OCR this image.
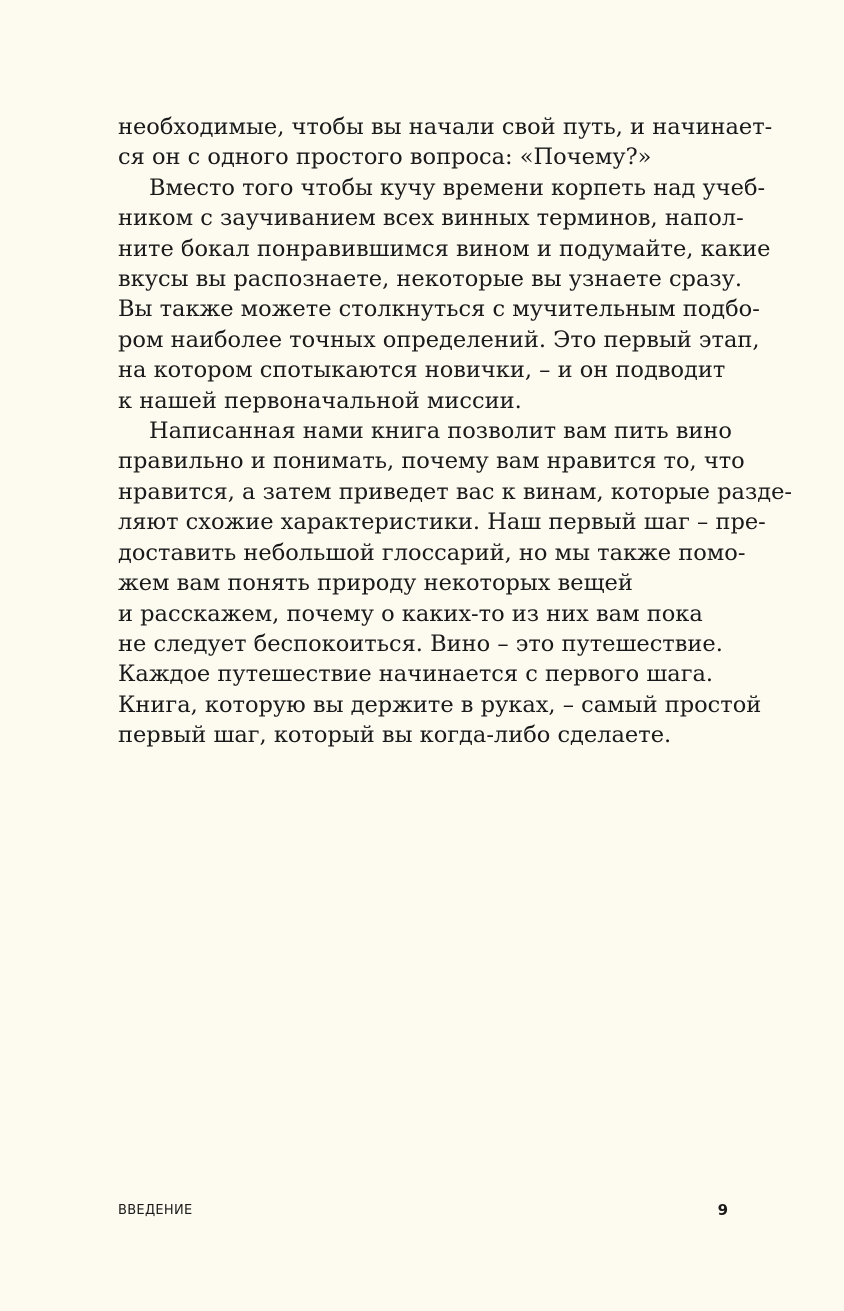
необходимые, чтобы вы начали свой путь, и начинает-
ся он с одного простого вопроса: «Почему?»
Вместо того чтобы кучу времени корпеть над учеб-
ником с заучиванием всех винных терминов, напол-
ните бокал понравившимся вином и подумайте, какие
вкусы вы распознаете, некоторые вы узнаете сразу.
Вы также можете столкнуться с мучительным подбо-
ром наиболее точных определений. Это первый этап,
на котором спотыкаются новички, – и он подводит
к нашей первоначальной миссии.
Написанная нами книга позволит вам пить вино
правильно и понимать, почему вам нравится то, что
нравится, а затем приведет вас к винам, которые разде-
ляют схожие характеристики. Наш первый шаг – пре-
доставить небольшой глоссарий, но мы также помо-
жем вам понять природу некоторых вещей
и расскажем, почему о каких-то из них вам пока
не следует беспокоиться. Вино – это путешествие.
Каждое путешествие начинается с первого шага.
Книга, которую вы держите в руках, – самый простой
первый шаг, который вы когда-либо сделаете.
ВВЕДЕНИЕ	9
